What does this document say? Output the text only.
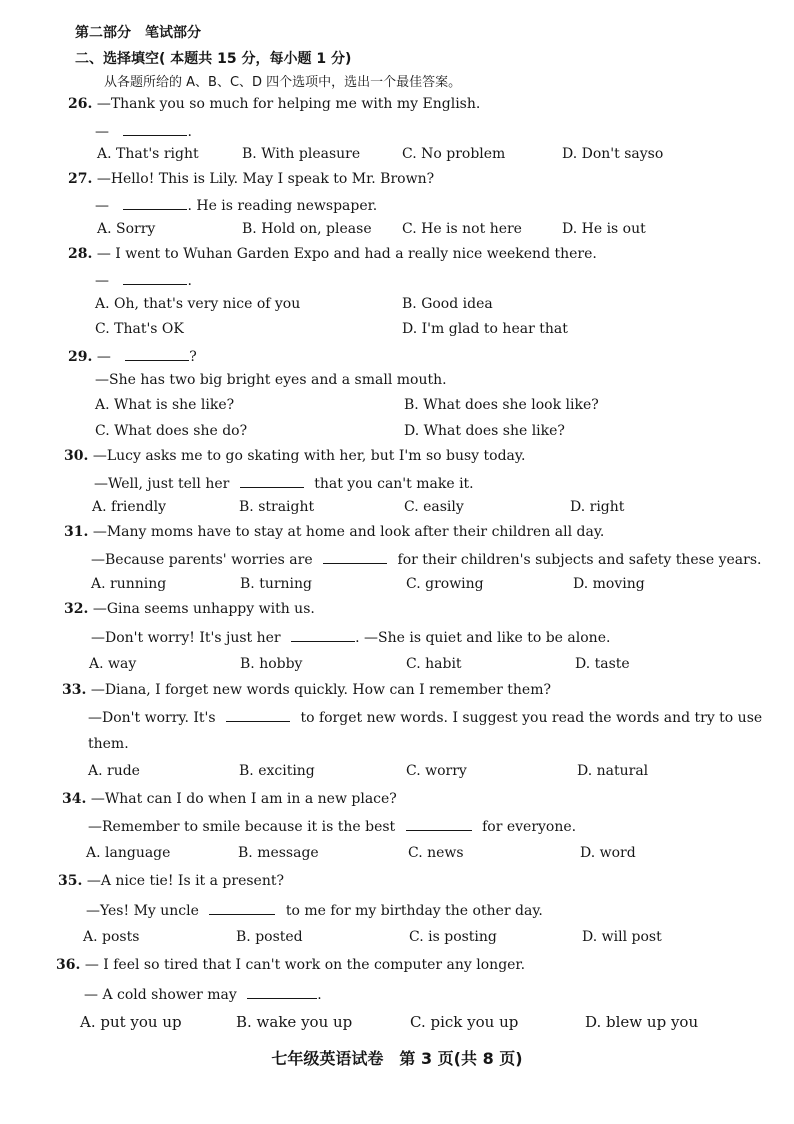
第二部分　笔试部分
二、选择填空( 本题共 15 分，每小题 1 分)
从各题所给的 A、B、C、D 四个选项中，选出一个最佳答案。
26. —Thank you so much for helping me with my English.
—	.
A. That's right	B. With pleasure	C. No problem	D. Don't sayso
27. —Hello! This is Lily. May I speak to Mr. Brown?
—	. He is reading newspaper.
A. Sorry	B. Hold on, please C. He is not here	D. He is out
28. — I went to Wuhan Garden Expo and had a really nice weekend there.
—	.
A. Oh, that's very nice of you	B. Good idea
C. That's OK	D. I'm glad to hear that
29. —	?
—She has two big bright eyes and a small mouth.
A. What is she like?	B. What does she look like?
C. What does she do?	D. What does she like?
30. —Lucy asks me to go skating with her, but I'm so busy today.
—Well, just tell her	that you can't make it.
A. friendly	B. straight	C. easily	D. right
31. —Many moms have to stay at home and look after their children all day.
—Because parents' worries are	for their children's subjects and safety these years.
A. running	B. turning	C. growing	D. moving
32. —Gina seems unhappy with us.
—Don't worry! It's just her	. —She is quiet and like to be alone.
A. way	B. hobby	C. habit	D. taste
33. —Diana, I forget new words quickly. How can I remember them?
—Don't worry. It's	to forget new words. I suggest you read the words and try to use
them.
A. rude	B. exciting	C. worry	D. natural
34. —What can I do when I am in a new place?
—Remember to smile because it is the best	for everyone.
A. language	B. message	C. news	D. word
35. —A nice tie! Is it a present?
—Yes! My uncle	to me for my birthday the other day.
A. posts	B. posted	C. is posting	D. will post
36. — I feel so tired that I can't work on the computer any longer.
— A cold shower may	.
A. put you up	B. wake you up	C. pick you up	D. blew up you
七年级英语试卷　第 3 页(共 8 页)
